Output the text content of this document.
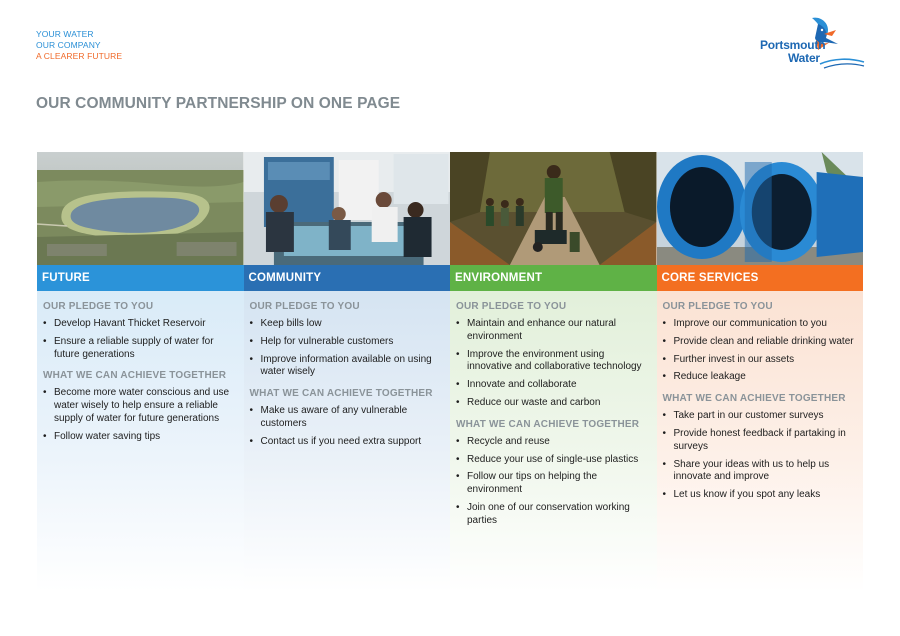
YOUR WATER
OUR COMPANY
A CLEARER FUTURE
Portsmouth
Water
OUR COMMUNITY PARTNERSHIP ON ONE PAGE
FUTURE
OUR PLEDGE TO YOU
• Develop Havant Thicket Reservoir
• Ensure a reliable supply of water for future generations
WHAT WE CAN ACHIEVE TOGETHER
• Become more water conscious and use water wisely to help ensure a reliable supply of water for future generations
• Follow water saving tips
COMMUNITY
OUR PLEDGE TO YOU
• Keep bills low
• Help for vulnerable customers
• Improve information available on using water wisely
WHAT WE CAN ACHIEVE TOGETHER
• Make us aware of any vulnerable customers
• Contact us if you need extra support
ENVIRONMENT
OUR PLEDGE TO YOU
• Maintain and enhance our natural environment
• Improve the environment using innovative and collaborative technology
• Innovate and collaborate
• Reduce our waste and carbon
WHAT WE CAN ACHIEVE TOGETHER
• Recycle and reuse
• Reduce your use of single-use plastics
• Follow our tips on helping the environment
• Join one of our conservation working parties
CORE SERVICES
OUR PLEDGE TO YOU
• Improve our communication to you
• Provide clean and reliable drinking water
• Further invest in our assets
• Reduce leakage
WHAT WE CAN ACHIEVE TOGETHER
• Take part in our customer surveys
• Provide honest feedback if partaking in surveys
• Share your ideas with us to help us innovate and improve
• Let us know if you spot any leaks
